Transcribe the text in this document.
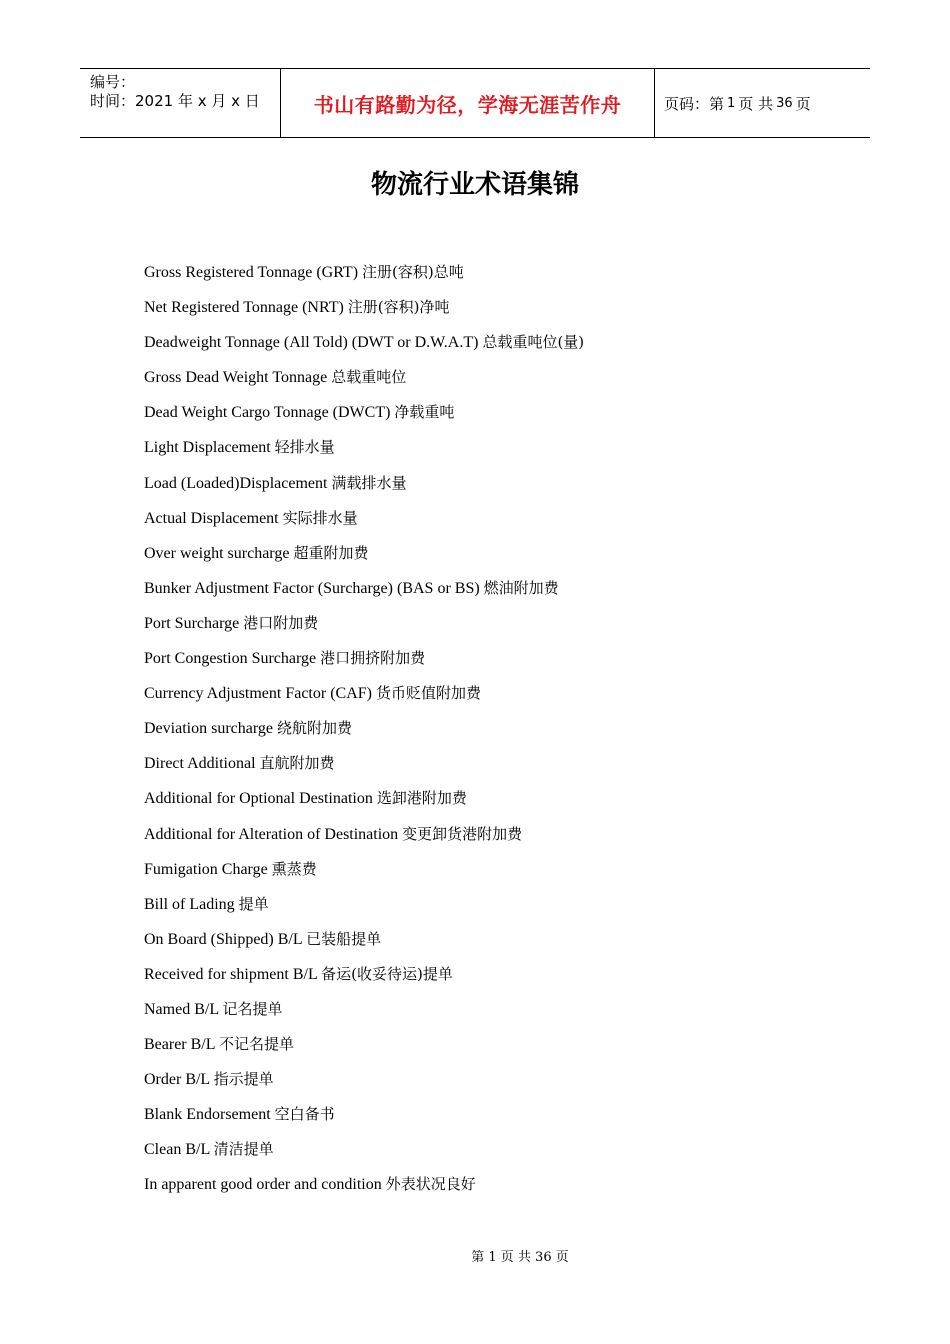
编号：
时间：2021 年 x 月 x 日	书山有路勤为径，学海无涯苦作舟	页码：第 1 页 共 36 页
物流行业术语集锦
Gross Registered Tonnage (GRT) 注册(容积)总吨
Net Registered Tonnage (NRT) 注册(容积)净吨
Deadweight Tonnage (All Told) (DWT or D.W.A.T) 总载重吨位(量)
Gross Dead Weight Tonnage 总载重吨位
Dead Weight Cargo Tonnage (DWCT) 净载重吨
Light Displacement 轻排水量
Load (Loaded)Displacement 满载排水量
Actual Displacement 实际排水量
Over weight surcharge 超重附加费
Bunker Adjustment Factor (Surcharge) (BAS or BS) 燃油附加费
Port Surcharge 港口附加费
Port Congestion Surcharge 港口拥挤附加费
Currency Adjustment Factor (CAF) 货币贬值附加费
Deviation surcharge 绕航附加费
Direct Additional 直航附加费
Additional for Optional Destination 选卸港附加费
Additional for Alteration of Destination 变更卸货港附加费
Fumigation Charge 熏蒸费
Bill of Lading 提单
On Board (Shipped) B/L 已装船提单
Received for shipment B/L 备运(收妥待运)提单
Named B/L 记名提单
Bearer B/L 不记名提单
Order B/L 指示提单
Blank Endorsement 空白备书
Clean B/L 清洁提单
In apparent good order and condition 外表状况良好
第 1 页 共 36 页
